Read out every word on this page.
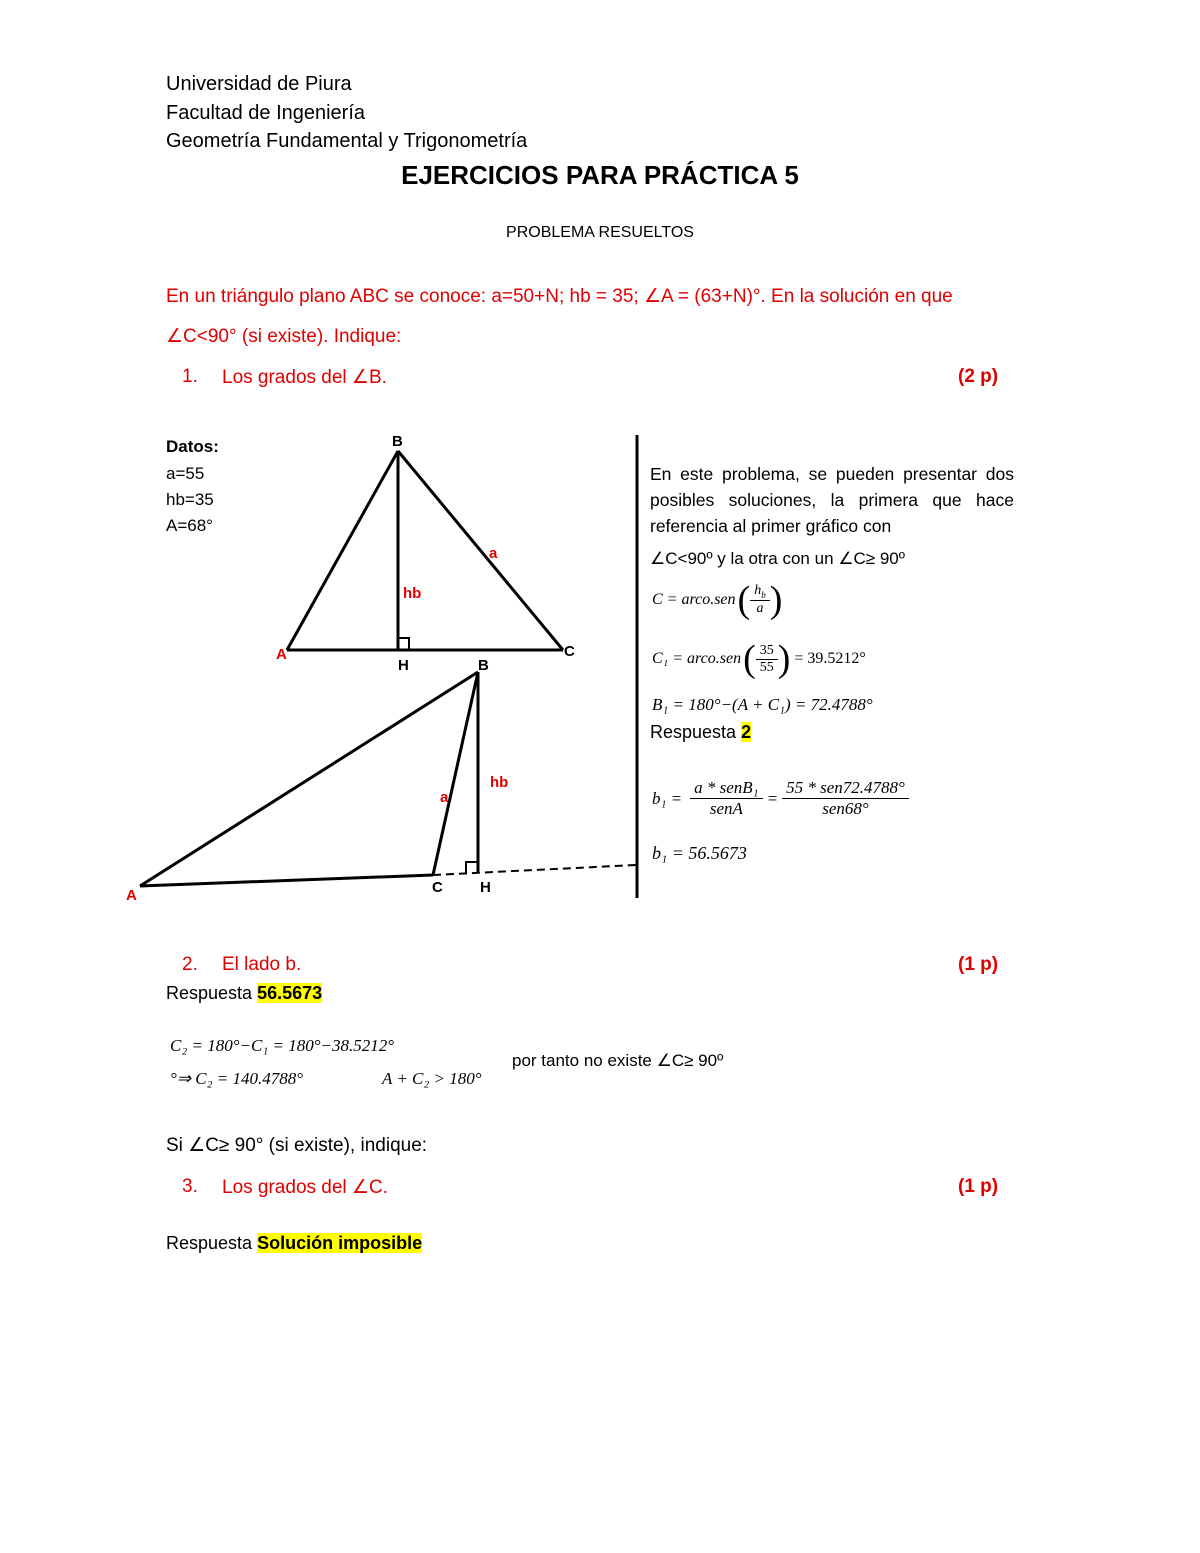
Universidad de Piura
Facultad de Ingeniería
Geometría Fundamental y Trigonometría
EJERCICIOS PARA PRÁCTICA 5
PROBLEMA RESUELTOS
En un triángulo plano ABC se conoce: a=50+N; hb = 35; ∠A = (63+N)°. En la solución en que
∠C<90° (si existe). Indique:
1. Los grados del ∠B.	(2 p)
Datos:
a=55
hb=35
A=68°
B
A	C
H
a
hb
B
A	C H
a
hb
En este problema, se pueden presentar dos posibles soluciones, la primera que hace referencia al primer gráfico con
∠C<90º y la otra con un ∠C≥ 90º
C = arco.sen ( $\frac{h_b}{a}$ )
C₁ = arco.sen ( $\frac{35}{55}$ ) = 39.5212°
B₁ = 180°−(A + C₁) = 72.4788°
Respuesta 2
$b_1 = \frac{\text{a * senB₁}}{\text{senA}} = \frac{\text{55 * sen72.4788°}}{\text{sen68°}}$
b₁ = 56.5673
2. El lado b.	(1 p)
Respuesta 56.5673
C₂ = 180°−C₁ = 180°−38.5212°
°⇒ C₂ = 140.4788°	A + C₂ > 180°
por tanto no existe ∠C≥ 90º
Si ∠C≥ 90° (si existe), indique:
3. Los grados del ∠C.	(1 p)
Respuesta Solución imposible
